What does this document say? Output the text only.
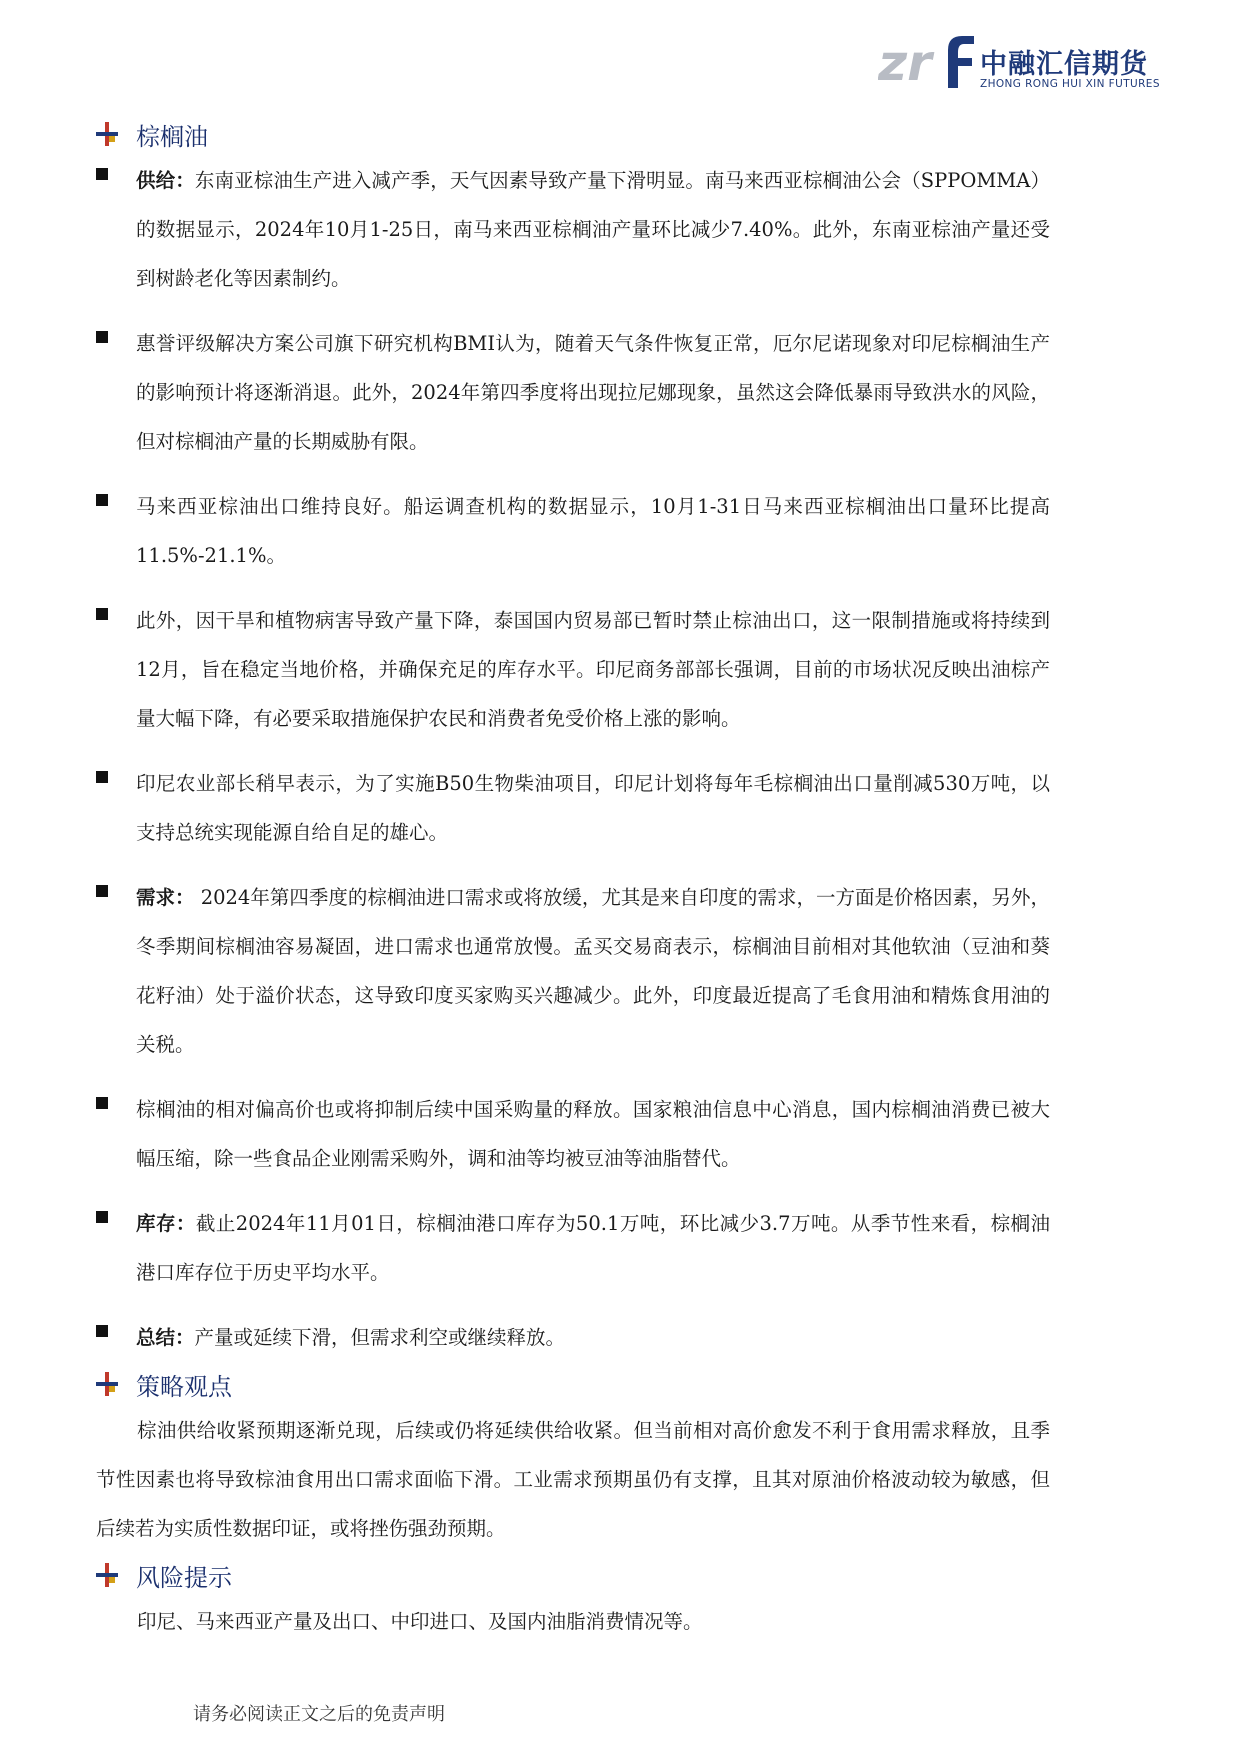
zr 中融汇信期货
ZHONG RONG HUI XIN FUTURES
棕榈油
供给：东南亚棕油生产进入减产季，天气因素导致产量下滑明显。南马来西亚棕榈油公会（SPPOMMA）的数据显示，2024年10月1-25日，南马来西亚棕榈油产量环比减少7.40%。此外，东南亚棕油产量还受到树龄老化等因素制约。
惠誉评级解决方案公司旗下研究机构BMI认为，随着天气条件恢复正常，厄尔尼诺现象对印尼棕榈油生产的影响预计将逐渐消退。此外，2024年第四季度将出现拉尼娜现象，虽然这会降低暴雨导致洪水的风险，但对棕榈油产量的长期威胁有限。
马来西亚棕油出口维持良好。船运调查机构的数据显示，10月1-31日马来西亚棕榈油出口量环比提高11.5%-21.1%。
此外，因干旱和植物病害导致产量下降，泰国国内贸易部已暂时禁止棕油出口，这一限制措施或将持续到12月，旨在稳定当地价格，并确保充足的库存水平。印尼商务部部长强调，目前的市场状况反映出油棕产量大幅下降，有必要采取措施保护农民和消费者免受价格上涨的影响。
印尼农业部长稍早表示，为了实施B50生物柴油项目，印尼计划将每年毛棕榈油出口量削减530万吨，以支持总统实现能源自给自足的雄心。
需求： 2024年第四季度的棕榈油进口需求或将放缓，尤其是来自印度的需求，一方面是价格因素，另外，冬季期间棕榈油容易凝固，进口需求也通常放慢。孟买交易商表示，棕榈油目前相对其他软油（豆油和葵花籽油）处于溢价状态，这导致印度买家购买兴趣减少。此外，印度最近提高了毛食用油和精炼食用油的关税。
棕榈油的相对偏高价也或将抑制后续中国采购量的释放。国家粮油信息中心消息，国内棕榈油消费已被大幅压缩，除一些食品企业刚需采购外，调和油等均被豆油等油脂替代。
库存：截止2024年11月01日，棕榈油港口库存为50.1万吨，环比减少3.7万吨。从季节性来看，棕榈油港口库存位于历史平均水平。
总结：产量或延续下滑，但需求利空或继续释放。
策略观点
棕油供给收紧预期逐渐兑现，后续或仍将延续供给收紧。但当前相对高价愈发不利于食用需求释放，且季节性因素也将导致棕油食用出口需求面临下滑。工业需求预期虽仍有支撑，且其对原油价格波动较为敏感，但后续若为实质性数据印证，或将挫伤强劲预期。
风险提示
印尼、马来西亚产量及出口、中印进口、及国内油脂消费情况等。
请务必阅读正文之后的免责声明
